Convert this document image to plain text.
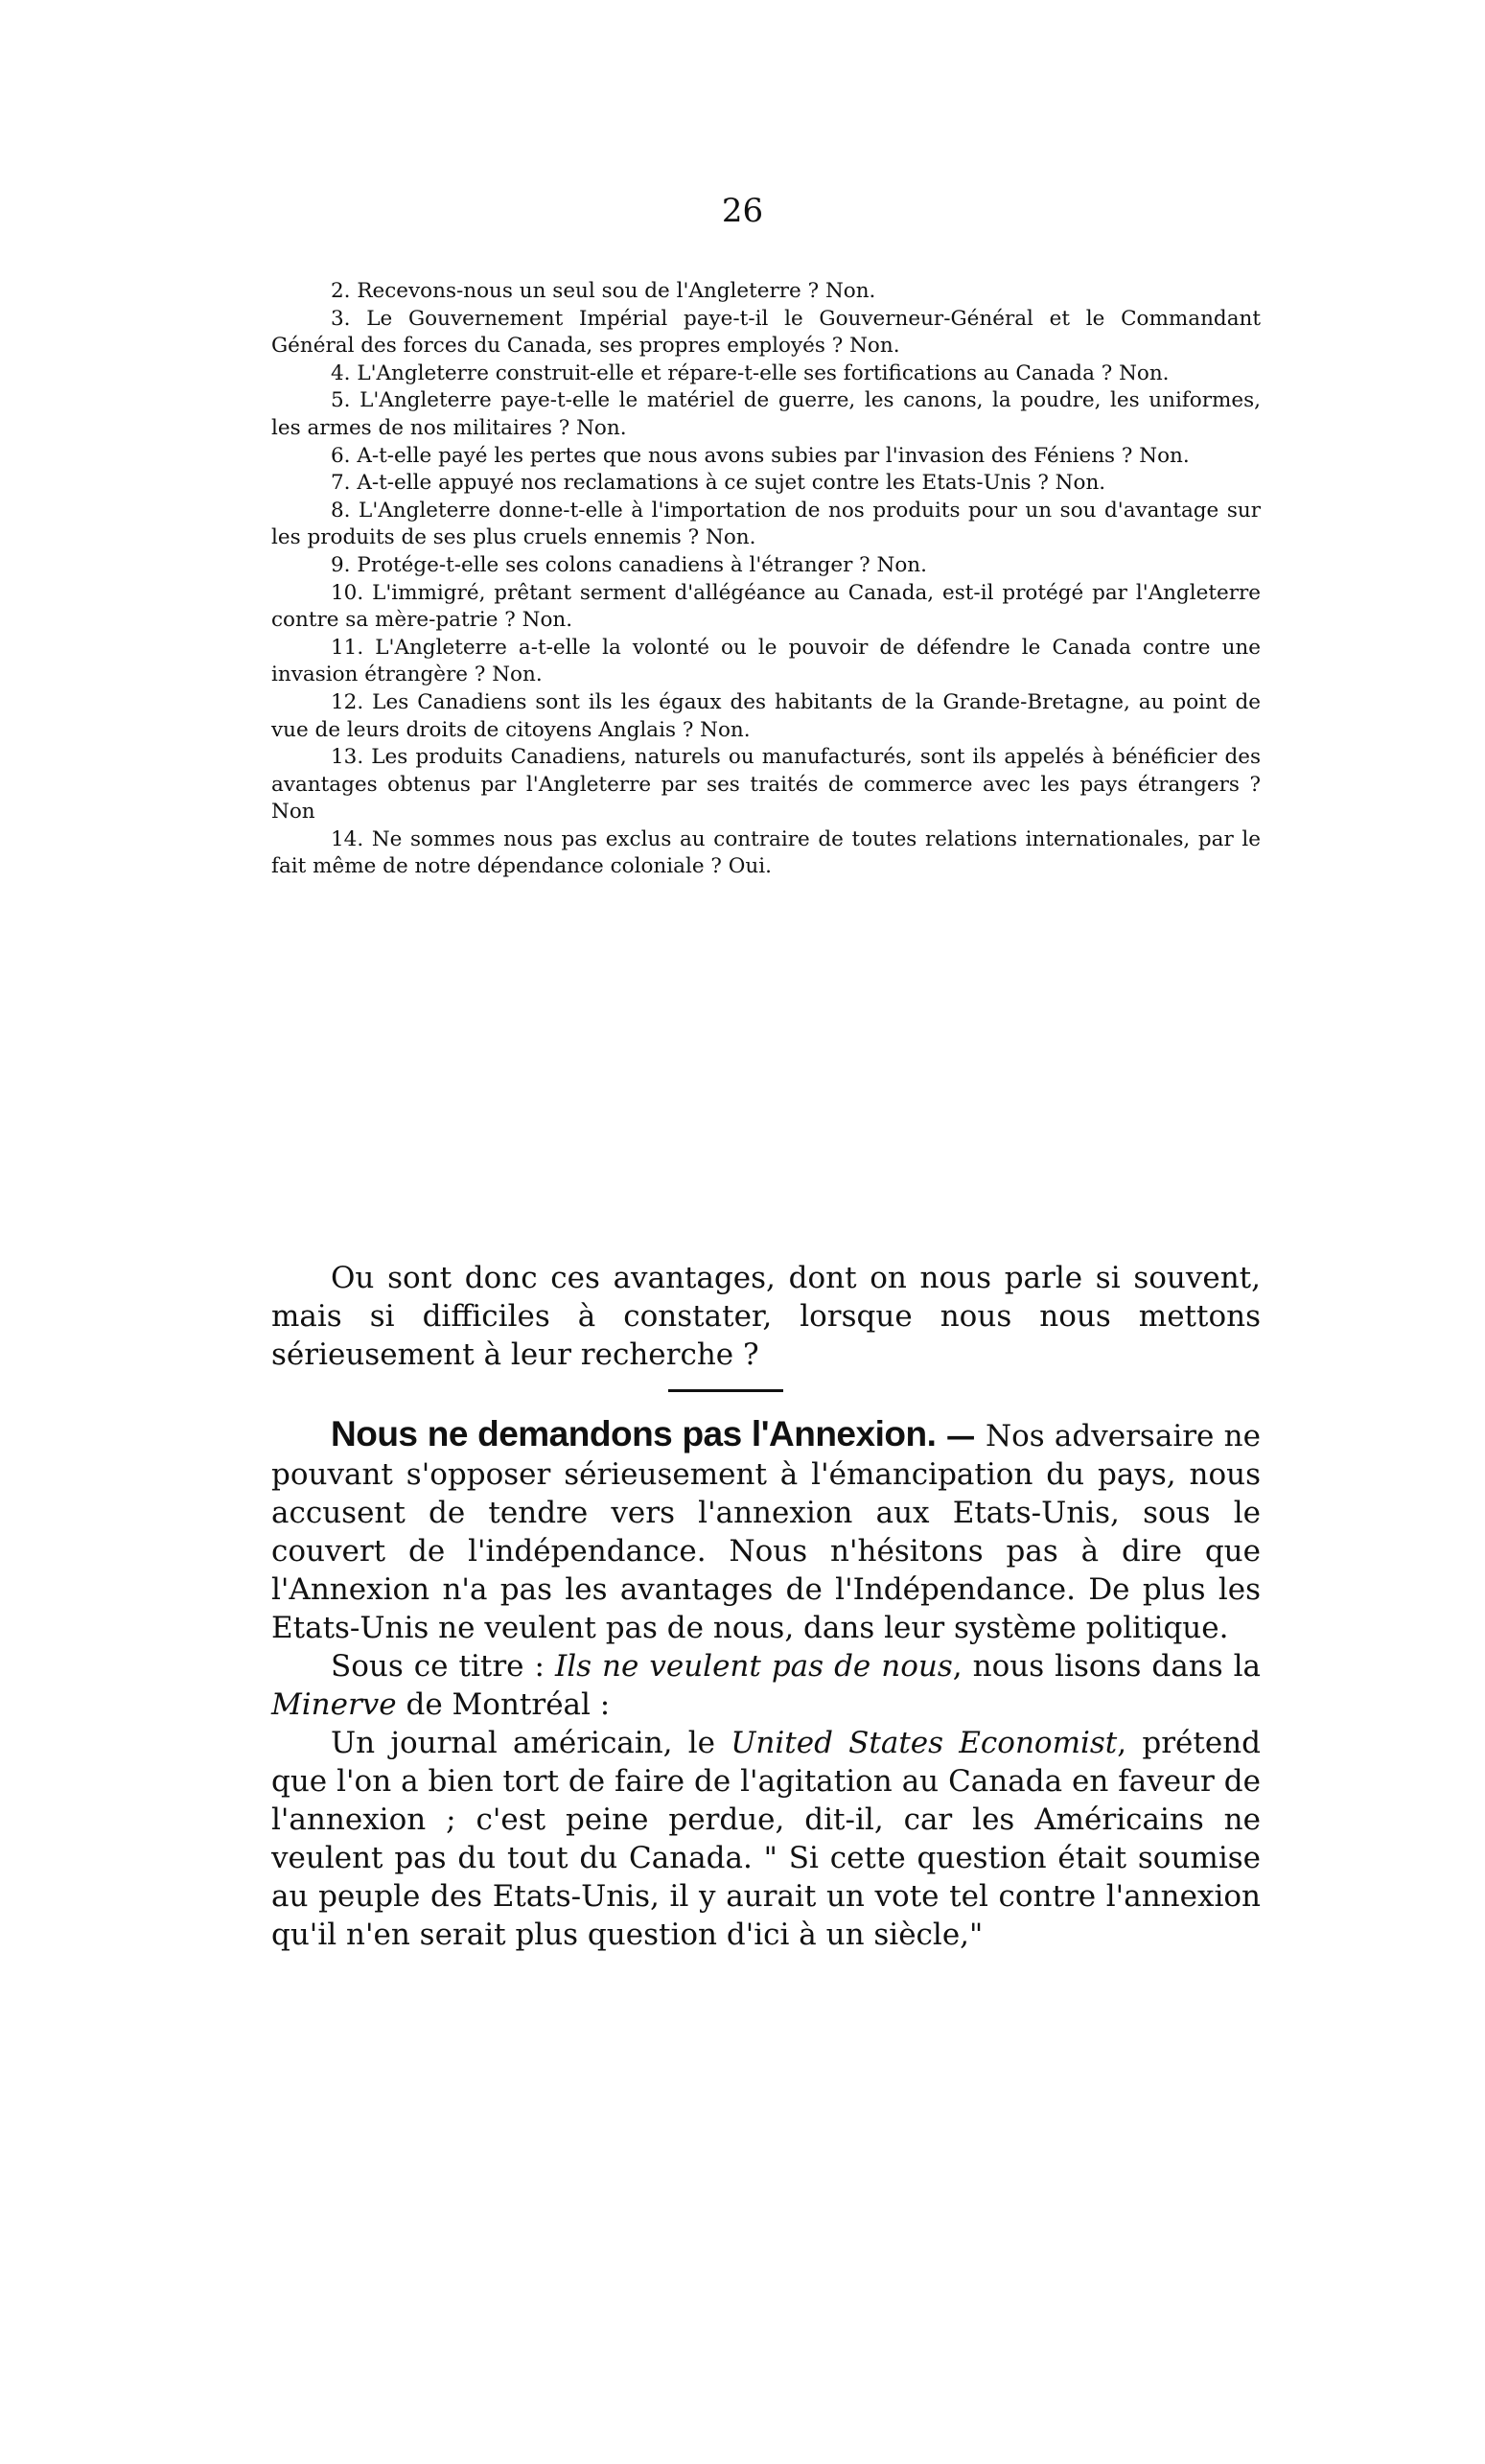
26

2. Recevons-nous un seul sou de l'Angleterre ? Non.

3. Le Gouvernement Impérial paye-t-il le Gouverneur-Général et le Commandant Général des forces du Canada, ses propres employés ? Non.

4. L'Angleterre construit-elle et répare-t-elle ses fortifications au Canada ? Non.

5. L'Angleterre paye-t-elle le matériel de guerre, les canons, la poudre, les uniformes, les armes de nos militaires ? Non.

6. A-t-elle payé les pertes que nous avons subies par l'invasion des Féniens ? Non.

7. A-t-elle appuyé nos reclamations à ce sujet contre les Etats-Unis ? Non.

8. L'Angleterre donne-t-elle à l'importation de nos produits pour un sou d'avantage sur les produits de ses plus cruels ennemis ? Non.

9. Protége-t-elle ses colons canadiens à l'étranger ? Non.

10. L'immigré, prêtant serment d'allégéance au Canada, est-il protégé par l'Angleterre contre sa mère-patrie ? Non.

11. L'Angleterre a-t-elle la volonté ou le pouvoir de défendre le Canada contre une invasion étrangère ? Non.

12. Les Canadiens sont ils les égaux des habitants de la Grande-Bretagne, au point de vue de leurs droits de citoyens Anglais ? Non.

13. Les produits Canadiens, naturels ou manufacturés, sont ils appelés à bénéficier des avantages obtenus par l'Angleterre par ses traités de commerce avec les pays étrangers ? Non

14. Ne sommes nous pas exclus au contraire de toutes relations internationales, par le fait même de notre dépendance coloniale ? Oui.

Ou sont donc ces avantages, dont on nous parle si souvent, mais si difficiles à constater, lorsque nous nous mettons sérieusement à leur recherche ?

Nous ne demandons pas l'Annexion. — Nos adversaire ne pouvant s'opposer sérieusement à l'émancipation du pays, nous accusent de tendre vers l'annexion aux Etats-Unis, sous le couvert de l'indépendance. Nous n'hésitons pas à dire que l'Annexion n'a pas les avantages de l'Indépendance. De plus les Etats-Unis ne veulent pas de nous, dans leur système politique.

Sous ce titre : Ils ne veulent pas de nous, nous lisons dans la Minerve de Montréal :

Un journal américain, le United States Economist, prétend que l'on a bien tort de faire de l'agitation au Canada en faveur de l'annexion ; c'est peine perdue, dit-il, car les Américains ne veulent pas du tout du Canada. " Si cette question était soumise au peuple des Etats-Unis, il y aurait un vote tel contre l'annexion qu'il n'en serait plus question d'ici à un siècle,"
